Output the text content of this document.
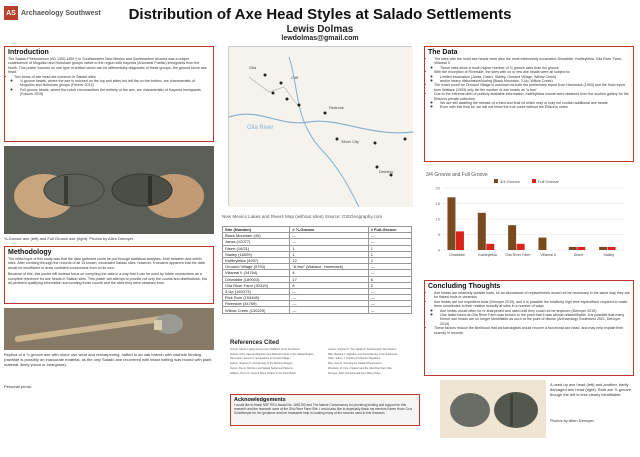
AS Archaeology Southwest	Distribution of Axe Head Styles at Salado Settlements
Lewis Dolmas
lewdolmas@gmail.com
Introduction

The Salado Phenomenon (AD 1300-1450+) in Southwestern New Mexico and Southeastern Arizona was a unique coalescence of Mogollon and Hohokam groups native to the region with Kayenta (Ancestral Pueblo) immigrants from the North. This poster focuses on one type of artifact which can be differentially diagnostic of these groups--the ground stone axe head.

• Two forms of axe head are common in Salado sites
◦ ¾ groove heads, where the axe is notched on the top and sides but left flat on the bottom, are characteristic of Mogollon and Hohokam groups (Fenner 2013)
◦ Full groove heads, where the notch circumscribes the entirety of the axe, are characteristic of Kayenta immigrants (Folsom 2015)
¾-Groove axe (left) and Full Groove axe (right). Photos by Allen Denoyer.
Methodology

The initial hope of this study was that the data gathered could be put through statistical analyses, both between and within sites. After combing through the records of all 13 known, excavated Salado sites, however, it became apparent that the data would be insufficient to draw confident conclusions from on its own.

Because of this, this poster will instead focus on compiling the data in a way that it can be used by future researchers as a complete reference for axe heads in Salado sites. This poster will attempt to provide not only the counts and distributions, but all pertinent qualifying information surrounding those counts and the sites they were obtained from.

Replica of a ¾ groove axe with minor use wear and resharpening, hafted to an oak branch with rawhide binding. (rawhide is possibly an inaccurate material, as the only Salado axe recovered with intact hafting was bound with plant material, likely yucca or beargrass).
Personal photo.
Gila
Cliff
Gila River
Redrock
Silver City
Deming
New Mexico Lakes and Rivers Map (without sites) Source: GISGeography.com
Site (Number)	# ¾-Groove	# Full-Groove
Black Mountain (40)	—	—
Janss (12077)	—	—
Disert (16/21)	1	1
Stailey (16009)	1	1
Kwilleylekia (4937)	12	2
Ormand Village (5793)	"A few" (Wallace, Hammack)	—
Villareal II (34764)	4	—
Dinwiddie (189003)	17	6
Gila River Farm (30315)	8	2
3-Up (160373)	—	—
Rick Ruin (153465)	—	—
Riverside (34769)	—	—
Willow Creek (130229)	—	—
References Cited

Fenner, Gloria J. Early Groove Axe Traditions of the Southwest.

Folsom, Kelly. Kayenta Migration and Material Culture in the Salado Region.

Hammack, Laurens C. Excavations at Ormand Village.

Lekson, Stephen H. Archaeology of the Mimbres Region.

Nelson, Ben A. Mimbres and Salado Settlement Patterns.

Wallace, Henry D. Ground Stone Studies in the Tonto Basin.

Lekson, Stephen H. The Salado in Southwestern New Mexico.

Mills, Barbara J. Migration and Social Identity in the Southwest.

Clark, Jeffery J. Tracking Prehistoric Migrations.

Rice, Glen E. Sourcing the Salado Phenomenon.

Woodson, M. Kyle. Irrigation and the Gila River Farm Site.

Denoyer, Allen. Experimental Axe Hafting Notes.

Acknowledgements

I would like to thank NSF REU Award No. 1851763 and The Nature Conservancy for providing funding and support for this research and the research done at the Gila River Farm Site. I would also like to especially thank my mentors Karen Hoon Cruz Schollmeyer for her guidance and her invaluable help in locating many of the sources used in this research.

The Data
• The sites with the most axe heads were also the most extensively excavated: Dinwiddie, Kwilleylekia, Gila River Farm, Villareal II
◦ These sites show a much higher number of ¾ groove axes than full groove
• With the exception of Riverside, the sites with no or few axe heads were all subject to:
◦ Limited excavation (Janss, Disert, Stailey, Ormand Village, Willow Creek)
◦ and/or heavy disturbance/looting (Black Mountain, 3-Up, Willow Creek)
• The exact count for Ormand Village is unknown as both the preliminary report from Hammack (1993) and the final report from Wallace (1993) only list the number of axe heads as "a few"
• Due to the extreme dirth of publicly available information, Kwilleylekia counts were obtained from the auction gallery for the Ellison's private collection
◦ We are still awaiting the release of a third and final lot which may or may not contain additional axe heads
◦ Even with this final lot, we will not know the true count without the Ellison's notes
3/4 Groove and Full Groove
3/4 Groove	Full Groove
0
5
10
15
20
Dinwiddie	Kwilleylekia Gila River Farm	Villareal II	Disert	Stailey
Concluding Thoughts
• Axe heads are relatively durable tools, so an abundance of replacements would not be necessary in the same way they are for flaked tools or ceramics
• Axe heads are not expedient tools (Denoyer 2019), and it is possible the relatively high time expenditure required to make them contributes to their relative scarcity at sites in a number of ways
◦ Axe heads would often be re-sharpened and used until they could not be anymore (Denoyer 2019)
◦ One failed found at Gila River Farm was broken to the point that it was almost unidentifiable. It is possible that many former axe heads are no longer identifiable as such at the point of disuse (Archaeology Southwest 2021, Denoyer 2019)
• These factors reduce the likelihood that archaeologists would recover a functional axe head, and may help explain their scarcity in records
A used up axe head (left) and another, badly damaged axe head (right). Both are ¾ groove, though the left is less clearly identifiable.
Photos by Allen Denoyer.
